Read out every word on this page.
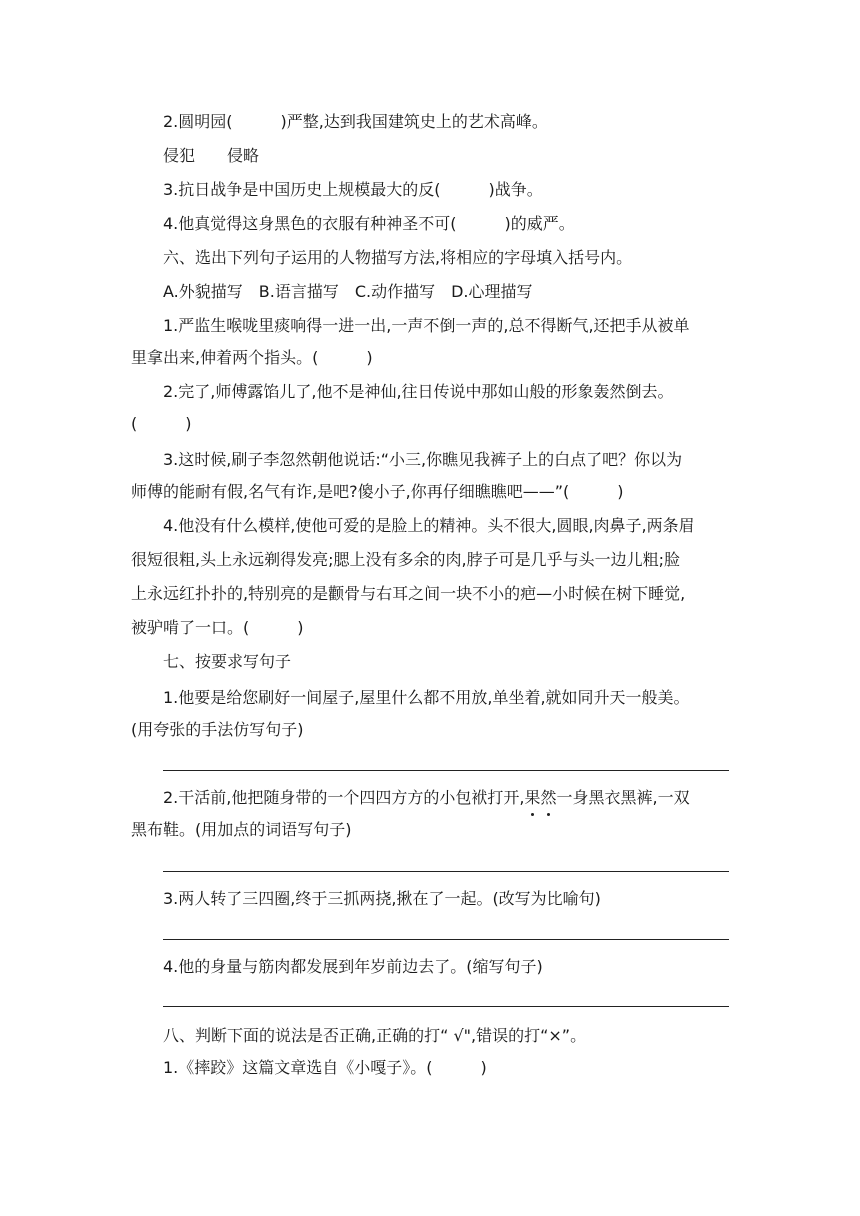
2.圆明园(　　　)严整,达到我国建筑史上的艺术高峰。
侵犯　　侵略
3.抗日战争是中国历史上规模最大的反(　　　)战争。
4.他真觉得这身黑色的衣服有种神圣不可(　　　)的威严。
六、选出下列句子运用的人物描写方法,将相应的字母填入括号内。
A.外貌描写　B.语言描写　C.动作描写　D.心理描写
1.严监生喉咙里痰响得一进一出,一声不倒一声的,总不得断气,还把手从被单
里拿出来,伸着两个指头。(　　　)
2.完了,师傅露馅儿了,他不是神仙,往日传说中那如山般的形象轰然倒去。
(　　　)
3.这时候,刷子李忽然朝他说话:“小三,你瞧见我裤子上的白点了吧？你以为
师傅的能耐有假,名气有诈,是吧?傻小子,你再仔细瞧瞧吧——”(　　　)
4.他没有什么模样,使他可爱的是脸上的精神。头不很大,圆眼,肉鼻子,两条眉
很短很粗,头上永远剃得发亮;腮上没有多余的肉,脖子可是几乎与头一边儿粗;脸
上永远红扑扑的,特别亮的是颧骨与右耳之间一块不小的疤—小时候在树下睡觉,
被驴啃了一口。(　　　)
七、按要求写句子
1.他要是给您刷好一间屋子,屋里什么都不用放,单坐着,就如同升天一般美。
(用夸张的手法仿写句子)
2.干活前,他把随身带的一个四四方方的小包袱打开,果然一身黑衣黑裤,一双
黑布鞋。(用加点的词语写句子)
3.两人转了三四圈,终于三抓两挠,揪在了一起。(改写为比喻句)
4.他的身量与筋肉都发展到年岁前边去了。(缩写句子)
八、判断下面的说法是否正确,正确的打“ √",错误的打“×”。
1.《摔跤》这篇文章选自《小嘎子》。(　　　)
